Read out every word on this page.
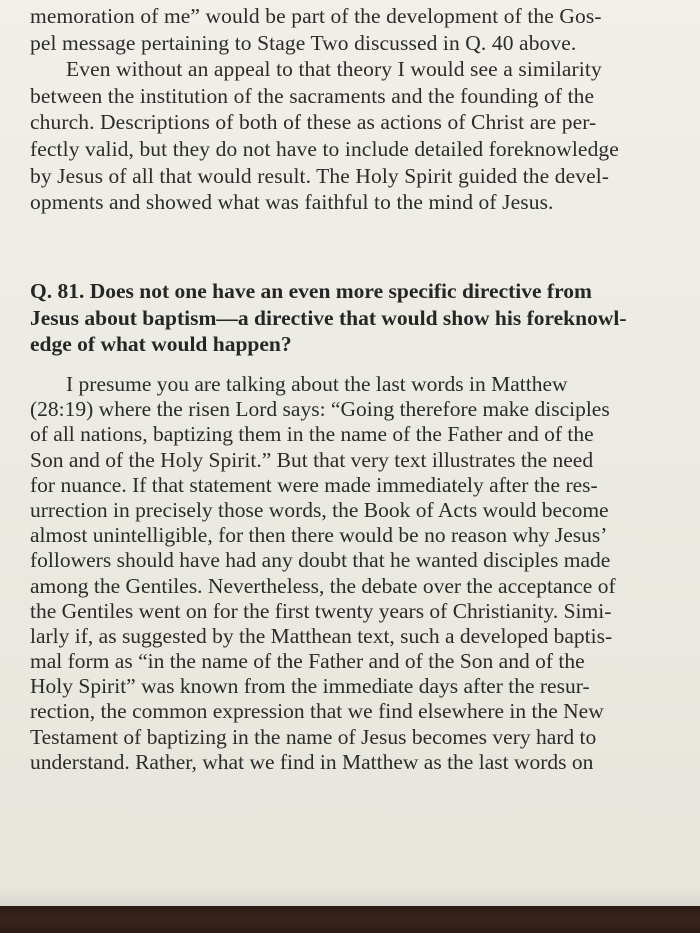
memoration of me” would be part of the development of the Gos-
pel message pertaining to Stage Two discussed in Q. 40 above.
Even without an appeal to that theory I would see a similarity
between the institution of the sacraments and the founding of the
church. Descriptions of both of these as actions of Christ are per-
fectly valid, but they do not have to include detailed foreknowledge
by Jesus of all that would result. The Holy Spirit guided the devel-
opments and showed what was faithful to the mind of Jesus.
Q. 81. Does not one have an even more specific directive from
Jesus about baptism—a directive that would show his foreknowl-
edge of what would happen?
I presume you are talking about the last words in Matthew
(28:19) where the risen Lord says: “Going therefore make disciples
of all nations, baptizing them in the name of the Father and of the
Son and of the Holy Spirit.” But that very text illustrates the need
for nuance. If that statement were made immediately after the res-
urrection in precisely those words, the Book of Acts would become
almost unintelligible, for then there would be no reason why Jesus’
followers should have had any doubt that he wanted disciples made
among the Gentiles. Nevertheless, the debate over the acceptance of
the Gentiles went on for the first twenty years of Christianity. Simi-
larly if, as suggested by the Matthean text, such a developed baptis-
mal form as “in the name of the Father and of the Son and of the
Holy Spirit” was known from the immediate days after the resur-
rection, the common expression that we find elsewhere in the New
Testament of baptizing in the name of Jesus becomes very hard to
understand. Rather, what we find in Matthew as the last words on
